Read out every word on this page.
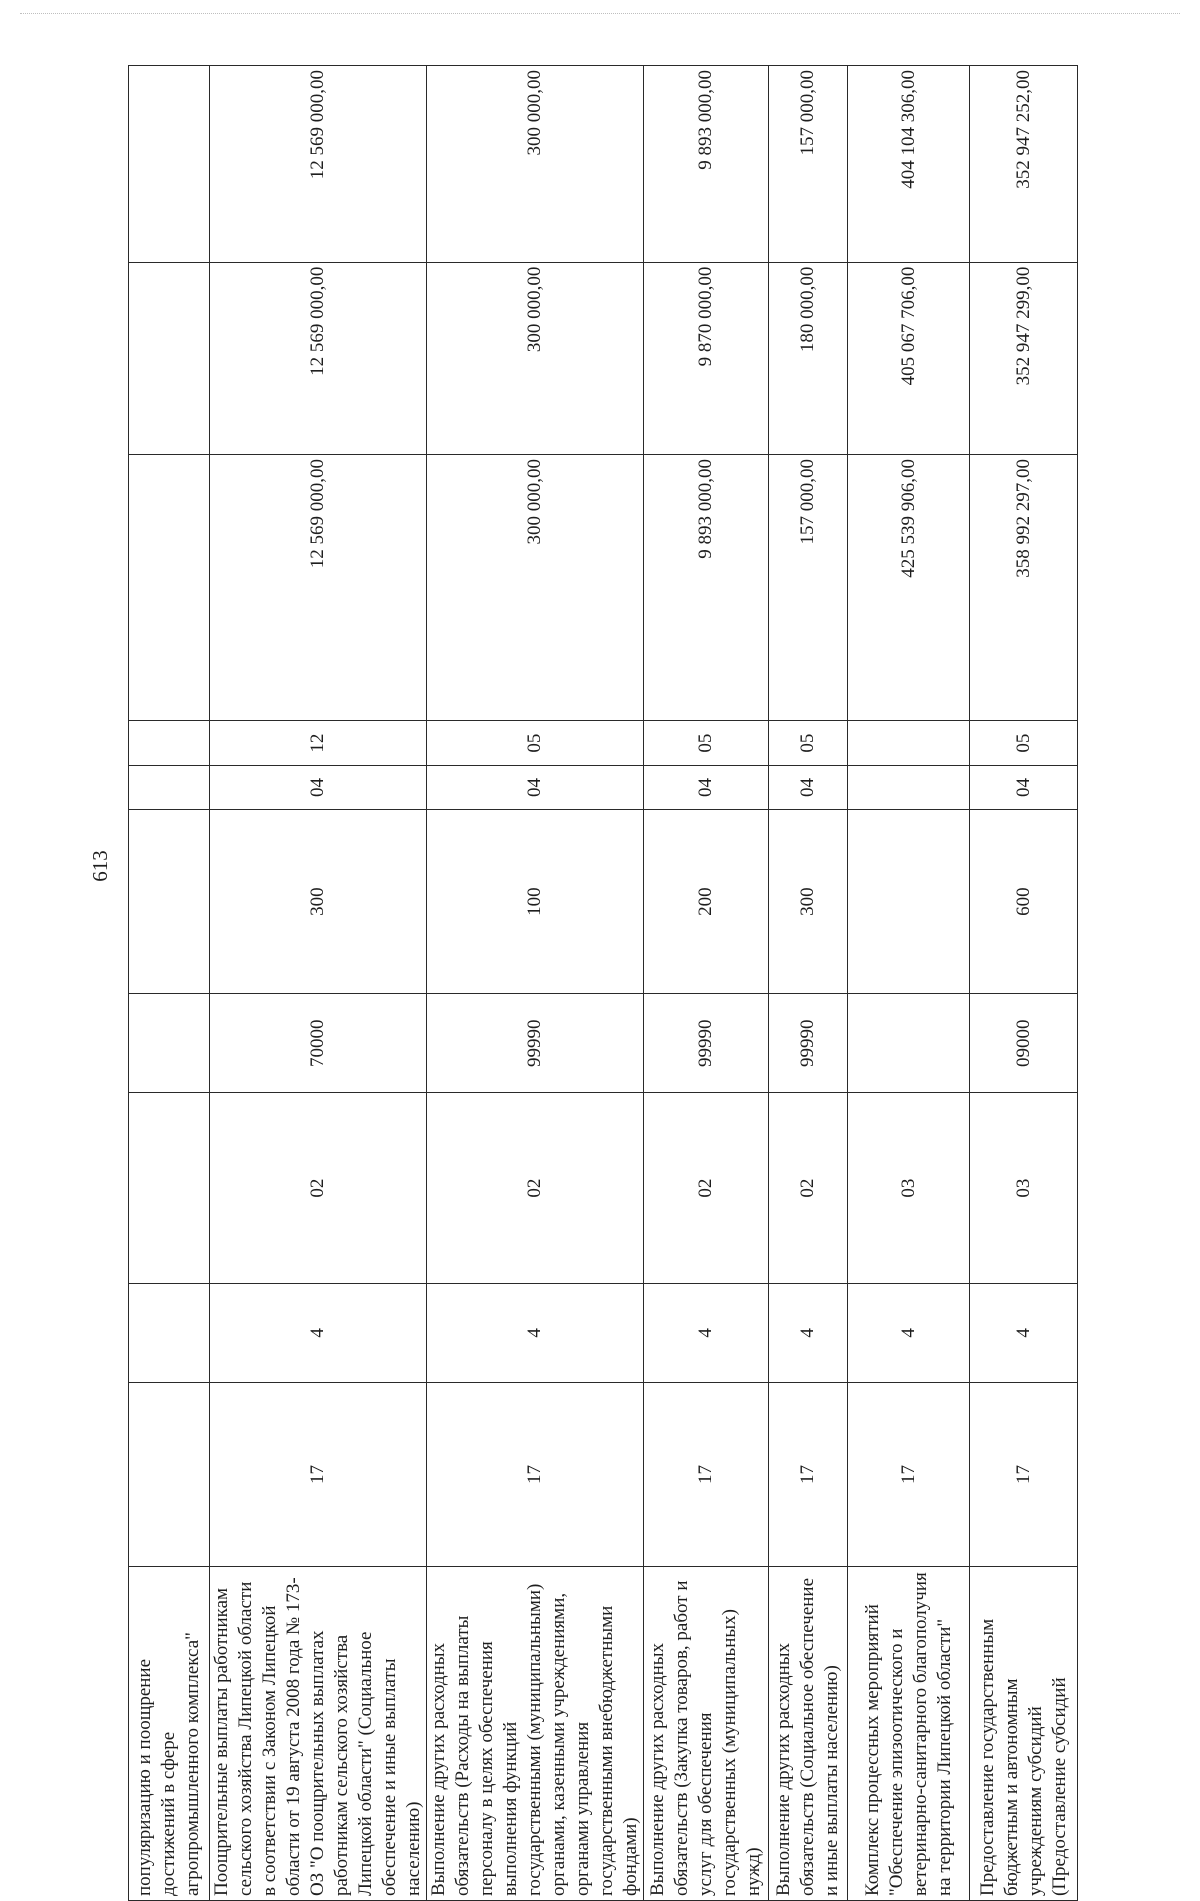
613
популяризацию и поощрение достижений в сфере агропромышленного комплекса"										
Поощрительные выплаты работникам сельского хозяйства Липецкой области в соответствии с Законом Липецкой области от 19 августа 2008 года № 173-ОЗ "О поощрительных выплатах работникам сельского хозяйства Липецкой области" (Социальное обеспечение и иные выплаты населению)	17	4	02	70000	300	04	12	12 569 000,00	12 569 000,00	12 569 000,00
Выполнение других расходных обязательств (Расходы на выплаты персоналу в целях обеспечения выполнения функций государственными (муниципальными) органами, казенными учреждениями, органами управления государственными внебюджетными фондами)	17	4	02	99990	100	04	05	300 000,00	300 000,00	300 000,00
Выполнение других расходных обязательств (Закупка товаров, работ и услуг для обеспечения государственных (муниципальных) нужд)	17	4	02	99990	200	04	05	9 893 000,00	9 870 000,00	9 893 000,00
Выполнение других расходных обязательств (Социальное обеспечение и иные выплаты населению)	17	4	02	99990	300	04	05	157 000,00	180 000,00	157 000,00
Комплекс процессных мероприятий "Обеспечение эпизоотического и ветеринарно-санитарного благополучия на территории Липецкой области"	17	4	03					425 539 906,00	405 067 706,00	404 104 306,00
Предоставление государственным бюджетным и автономным учреждениям субсидий (Предоставление субсидий	17	4	03	09000	600	04	05	358 992 297,00	352 947 299,00	352 947 252,00
